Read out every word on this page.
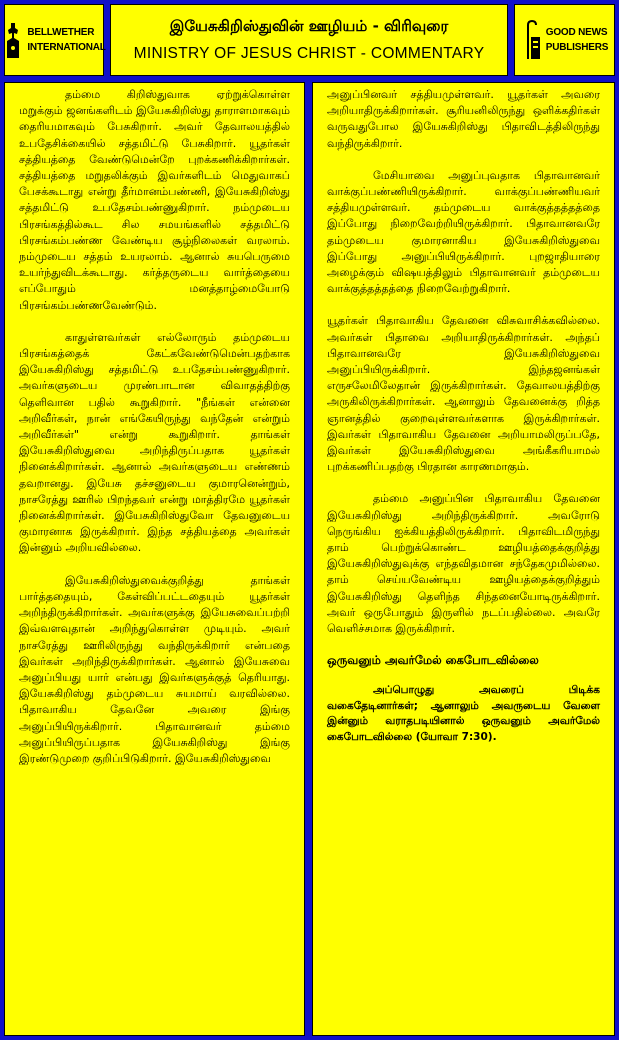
BELLWETHER
INTERNATIONAL
இயேசுகிறிஸ்துவின் ஊழியம் - விரிவுரை
MINISTRY OF JESUS CHRIST - COMMENTARY
GOOD NEWS
PUBLISHERS

தம்மை கிறிஸ்துவாக ஏற்றுக்கொள்ள மறுக்கும் ஜனங்களிடம் இயேசுகிறிஸ்து தாராளமாகவும் தைரியமாகவும் பேசுகிறார். அவர் தேவாலயத்தில் உபதேசிக்கையில் சத்தமிட்டு பேசுகிறார். யூதர்கள் சத்தியத்தை வேண்டுமென்றே புறக்கணிக்கிறார்கள். சத்தியத்தை மறுதலிக்கும் இவர்களிடம் மெதுவாகப் பேசக்கூடாது என்று தீர்மானம்பண்ணி, இயேசுகிறிஸ்து சத்தமிட்டு உபதேசம்பண்ணுகிறார். நம்முடைய பிரசங்கத்தில்கூட சில சமயங்களில் சத்தமிட்டு பிரசங்கம்பண்ண வேண்டிய சூழ்நிலைகள் வரலாம். நம்முடைய சத்தம் உயரலாம். ஆனால் சுயபெருமை உயர்ந்துவிடக்கூடாது. கர்த்தருடைய வார்த்தையை எப்போதும் மனத்தாழ்மையோடு பிரசங்கம்பண்ணவேண்டும்.

காதுள்ளவர்கள் எல்லோரும் தம்முடைய பிரசங்கத்தைக் கேட்கவேண்டுமென்பதற்காக இயேசுகிறிஸ்து சத்தமிட்டு உபதேசம்பண்ணுகிறார். அவர்களுடைய முரண்பாடான விவாதத்திற்கு தெளிவான பதில் கூறுகிறார். "நீங்கள் என்னை அறிவீர்கள், நான் எங்கேயிருந்து வந்தேன் என்றும் அறிவீர்கள்" என்று கூறுகிறார். தாங்கள் இயேசுகிறிஸ்துவை அறிந்திருப்பதாக யூதர்கள் நினைக்கிறார்கள். ஆனால் அவர்களுடைய எண்ணம் தவறானது. இயேசு தச்சனுடைய குமாரனென்றும், நாசரேத்து ஊரில் பிறந்தவர் என்று மாத்திரமே யூதர்கள் நினைக்கிறார்கள். இயேசுகிறிஸ்துவோ தேவனுடைய குமாரனாக இருக்கிறார். இந்த சத்தியத்தை அவர்கள் இன்னும் அறியவில்லை.

இயேசுகிறிஸ்துவைக்குறித்து தாங்கள் பார்த்ததையும், கேள்விப்பட்டதையும் யூதர்கள் அறிந்திருக்கிறார்கள். அவர்களுக்கு இயேசுவைப்பற்றி இவ்வளவுதான் அறிந்துகொள்ள முடியும். அவர் நாசரேத்து ஊரிலிருந்து வந்திருக்கிறார் என்பதை இவர்கள் அறிந்திருக்கிறார்கள். ஆனால் இயேசுவை அனுப்பியது யார் என்பது இவர்களுக்குத் தெரியாது. இயேசுகிறிஸ்து தம்முடைய சுயமாய் வரவில்லை. பிதாவாகிய தேவனே அவரை இங்கு அனுப்பியிருக்கிறார். பிதாவானவர் தம்மை அனுப்பியிருப்பதாக இயேசுகிறிஸ்து இங்கு இரண்டுமுறை குறிப்பிடுகிறார். இயேசுகிறிஸ்துவை

அனுப்பினவர் சத்தியமுள்ளவர். யூதர்கள் அவரை அறியாதிருக்கிறார்கள். சூரியனிலிருந்து ஒளிக்கதிர்கள் வருவதுபோல இயேசுகிறிஸ்து பிதாவிடத்திலிருந்து வந்திருக்கிறார்.

மேசியாவை அனுப்புவதாக பிதாவானவர் வாக்குப்பண்ணியிருக்கிறார். வாக்குப்பண்ணியவர் சத்தியமுள்ளவர். தம்முடைய வாக்குத்தத்தத்தை இப்போது நிறைவேற்றியிருக்கிறார். பிதாவானவரே தம்முடைய குமாரனாகிய இயேசுகிறிஸ்துவை இப்போது அனுப்பியிருக்கிறார். புறஜாதியாரை அழைக்கும் விஷயத்திலும் பிதாவானவர் தம்முடைய வாக்குத்தத்தத்தை நிறைவேற்றுகிறார்.

யூதர்கள் பிதாவாகிய தேவனை விசுவாசிக்கவில்லை. அவர்கள் பிதாவை அறியாதிருக்கிறார்கள். அந்தப் பிதாவானவரே இயேசுகிறிஸ்துவை அனுப்பியிருக்கிறார். இந்தஜனங்கள் எருசலேமிலேதான் இருக்கிறார்கள். தேவாலயத்திற்கு அருகிலிருக்கிறார்கள். ஆனாலும் தேவனைக்கு றித்த ஞானத்தில் குறைவுள்ளவர்களாக இருக்கிறார்கள். இவர்கள் பிதாவாகிய தேவனை அறியாமலிருப்பதே, இவர்கள் இயேசுகிறிஸ்துவை அங்கீகரியாமல் புறக்கணிப்பதற்கு பிரதான காரணமாகும்.

தம்மை அனுப்பின பிதாவாகிய தேவனை இயேசுகிறிஸ்து அறிந்திருக்கிறார். அவரோடு நெருங்கிய ஐக்கியத்திலிருக்கிறார். பிதாவிடமிருந்து தாம் பெற்றுக்கொண்ட ஊழியத்தைக்குறித்து இயேசுகிறிஸ்துவுக்கு எந்தவிதமான சந்தேகமுமில்லை. தாம் செய்யவேண்டிய ஊழியத்தைக்குறித்தும் இயேசுகிறிஸ்து தெளிந்த சிந்தனையோடிருக்கிறார். அவர் ஒருபோதும் இருளில் நடப்பதில்லை. அவரே வெளிச்சமாக இருக்கிறார்.

ஒருவனும் அவர்மேல் கைபோடவில்லை

அப்பொழுது அவரைப் பிடிக்க வகைதேடினார்கள்; ஆனாலும் அவருடைய வேளை இன்னும் வராதபடியினால் ஒருவனும் அவர்மேல் கைபோடவில்லை (யோவா 7:30).
